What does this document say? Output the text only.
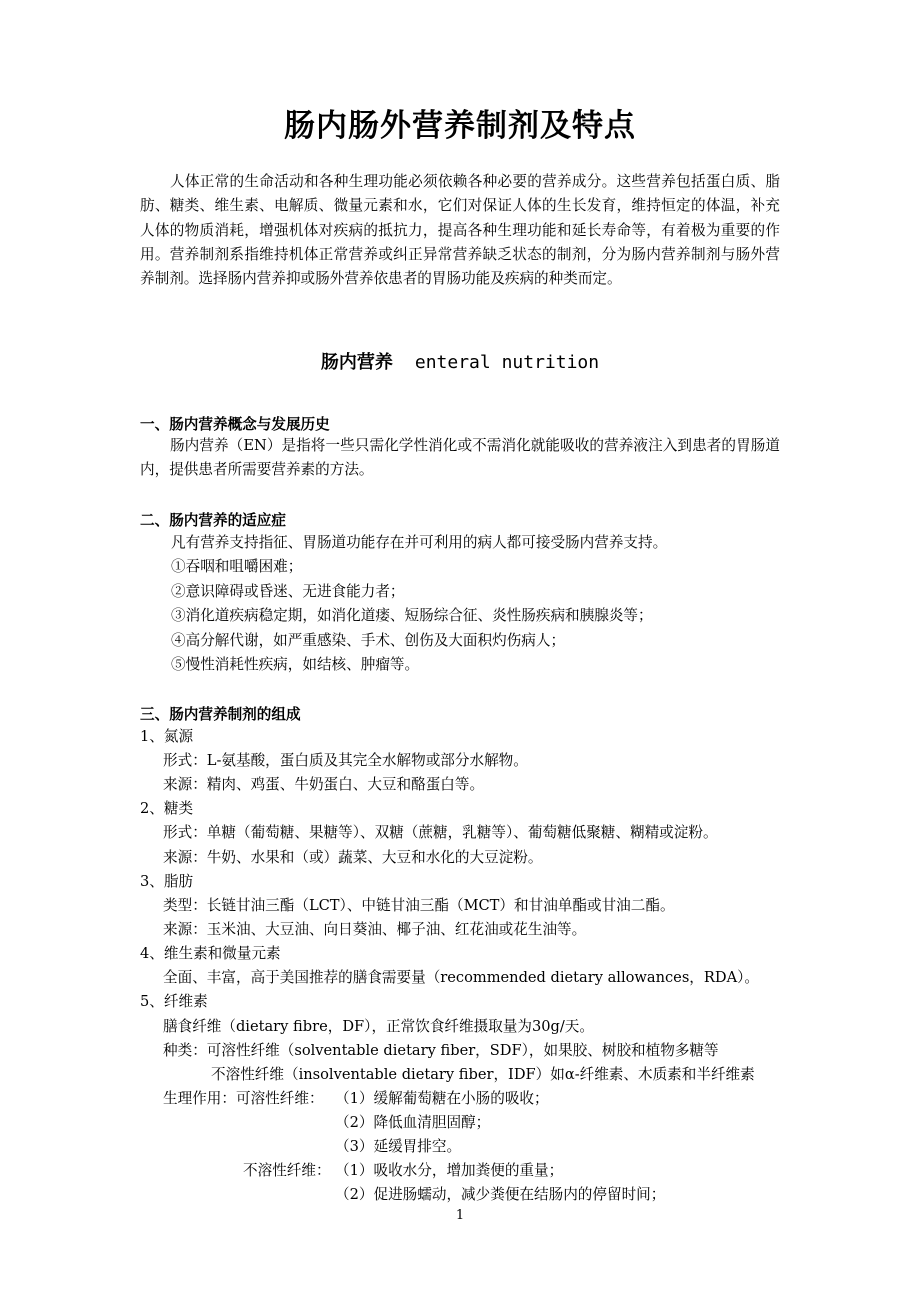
肠内肠外营养制剂及特点

人体正常的生命活动和各种生理功能必须依赖各种必要的营养成分。这些营养包括蛋白质、脂肪、糖类、维生素、电解质、微量元素和水，它们对保证人体的生长发育，维持恒定的体温，补充人体的物质消耗，增强机体对疾病的抵抗力，提高各种生理功能和延长寿命等，有着极为重要的作用。营养制剂系指维持机体正常营养或纠正异常营养缺乏状态的制剂，分为肠内营养制剂与肠外营养制剂。选择肠内营养抑或肠外营养依患者的胃肠功能及疾病的种类而定。

肠内营养 enteral nutrition
一、肠内营养概念与发展历史

肠内营养（EN）是指将一些只需化学性消化或不需消化就能吸收的营养液注入到患者的胃肠道内，提供患者所需要营养素的方法。

二、肠内营养的适应症
凡有营养支持指征、胃肠道功能存在并可利用的病人都可接受肠内营养支持。
①吞咽和咀嚼困难；
②意识障碍或昏迷、无进食能力者；
③消化道疾病稳定期，如消化道瘘、短肠综合征、炎性肠疾病和胰腺炎等；
④高分解代谢，如严重感染、手术、创伤及大面积灼伤病人；
⑤慢性消耗性疾病，如结核、肿瘤等。
三、肠内营养制剂的组成
1、氮源
形式：L-氨基酸，蛋白质及其完全水解物或部分水解物。
来源：精肉、鸡蛋、牛奶蛋白、大豆和酪蛋白等。
2、糖类
形式：单糖（葡萄糖、果糖等）、双糖（蔗糖，乳糖等）、葡萄糖低聚糖、糊精或淀粉。
来源：牛奶、水果和（或）蔬菜、大豆和水化的大豆淀粉。
3、脂肪
类型：长链甘油三酯（LCT）、中链甘油三酯（MCT）和甘油单酯或甘油二酯。
来源：玉米油、大豆油、向日葵油、椰子油、红花油或花生油等。
4、维生素和微量元素
全面、丰富，高于美国推荐的膳食需要量（recommended dietary allowances，RDA）。
5、纤维素
膳食纤维（dietary fibre，DF），正常饮食纤维摄取量为30g/天。
种类：可溶性纤维（solventable dietary fiber，SDF），如果胶、树胶和植物多糖等
不溶性纤维（insolventable dietary fiber，IDF）如α-纤维素、木质素和半纤维素
生理作用：可溶性纤维： （1）缓解葡萄糖在小肠的吸收；
（2）降低血清胆固醇；
（3）延缓胃排空。
不溶性纤维： （1）吸收水分，增加粪便的重量；
（2）促进肠蠕动，减少粪便在结肠内的停留时间；
1
